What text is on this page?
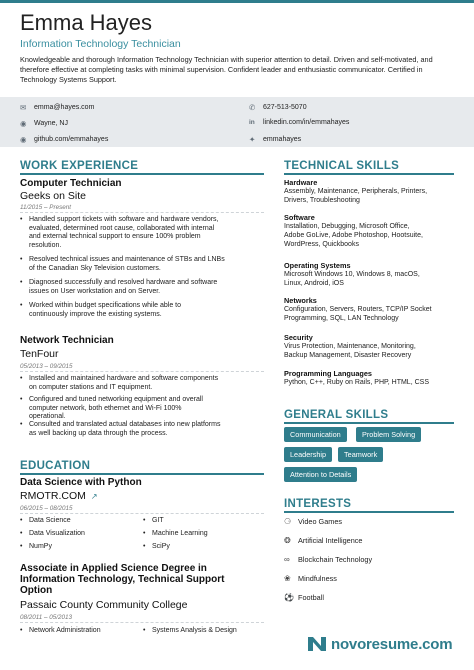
Emma Hayes
Information Technology Technician
Knowledgeable and thorough Information Technology Technician with superior attention to detail. Driven and self-motivated, and therefore effective at completing tasks with minimal supervision. Confident leader and enthusiastic communicator. Certified in Technology Systems Support.
✉	emma@hayes.com	✆	627-513-5070
◉	Wayne, NJ	in	linkedin.com/in/emmahayes
◉	github.com/emmahayes	✦	emmahayes
WORK EXPERIENCE
Computer Technician
Geeks on Site
11/2015 – Present
• Handled support tickets with software and hardware vendors,
evaluated, determined root cause, collaborated with internal
and external technical support to ensure 100% problem
resolution.
• Resolved technical issues and maintenance of STBs and LNBs
of the Canadian Sky Television customers.
• Diagnosed successfully and resolved hardware and software
issues on User workstation and on Server.
• Worked within budget specifications while able to
continuously improve the existing systems.
Network Technician
TenFour
05/2013 – 09/2015
• Installed and maintained hardware and software components
on computer stations and IT equipment.
• Configured and tuned networking equipment and overall
computer network, both ethernet and Wi-Fi 100%
operational.
• Consulted and translated actual databases into new platforms
as well backing up data through the process.
EDUCATION
Data Science with Python
RMOTR.COM ↗
06/2015 – 08/2015
• Data Science	• GIT
• Data Visualization	• Machine Learning
• NumPy	• SciPy
Associate in Applied Science Degree in
Information Technology, Technical Support
Option
Passaic County Community College
08/2011 – 05/2013
• Network Administration	• Systems Analysis & Design
TECHNICAL SKILLS
Hardware
Assembly, Maintenance, Peripherals, Printers,
Drivers, Troubleshooting
Software
Installation, Debugging, Microsoft Office,
Adobe GoLive, Adobe Photoshop, Hootsuite,
WordPress, Quickbooks
Operating Systems
Microsoft Windows 10, Windows 8, macOS,
Linux, Android, iOS
Networks
Configuration, Servers, Routers, TCP/IP Socket
Programming, SQL, LAN Technology
Security
Virus Protection, Maintenance, Monitoring,
Backup Management, Disaster Recovery
Programming Languages
Python, C++, Ruby on Rails, PHP, HTML, CSS
GENERAL SKILLS
Communication	Problem Solving
Leadership	Teamwork
Attention to Details
INTERESTS
⚆ Video Games
❂ Artificial Intelligence
∞	Blockchain Technology
❀ Mindfulness
⚽ Football
novoresume.com
